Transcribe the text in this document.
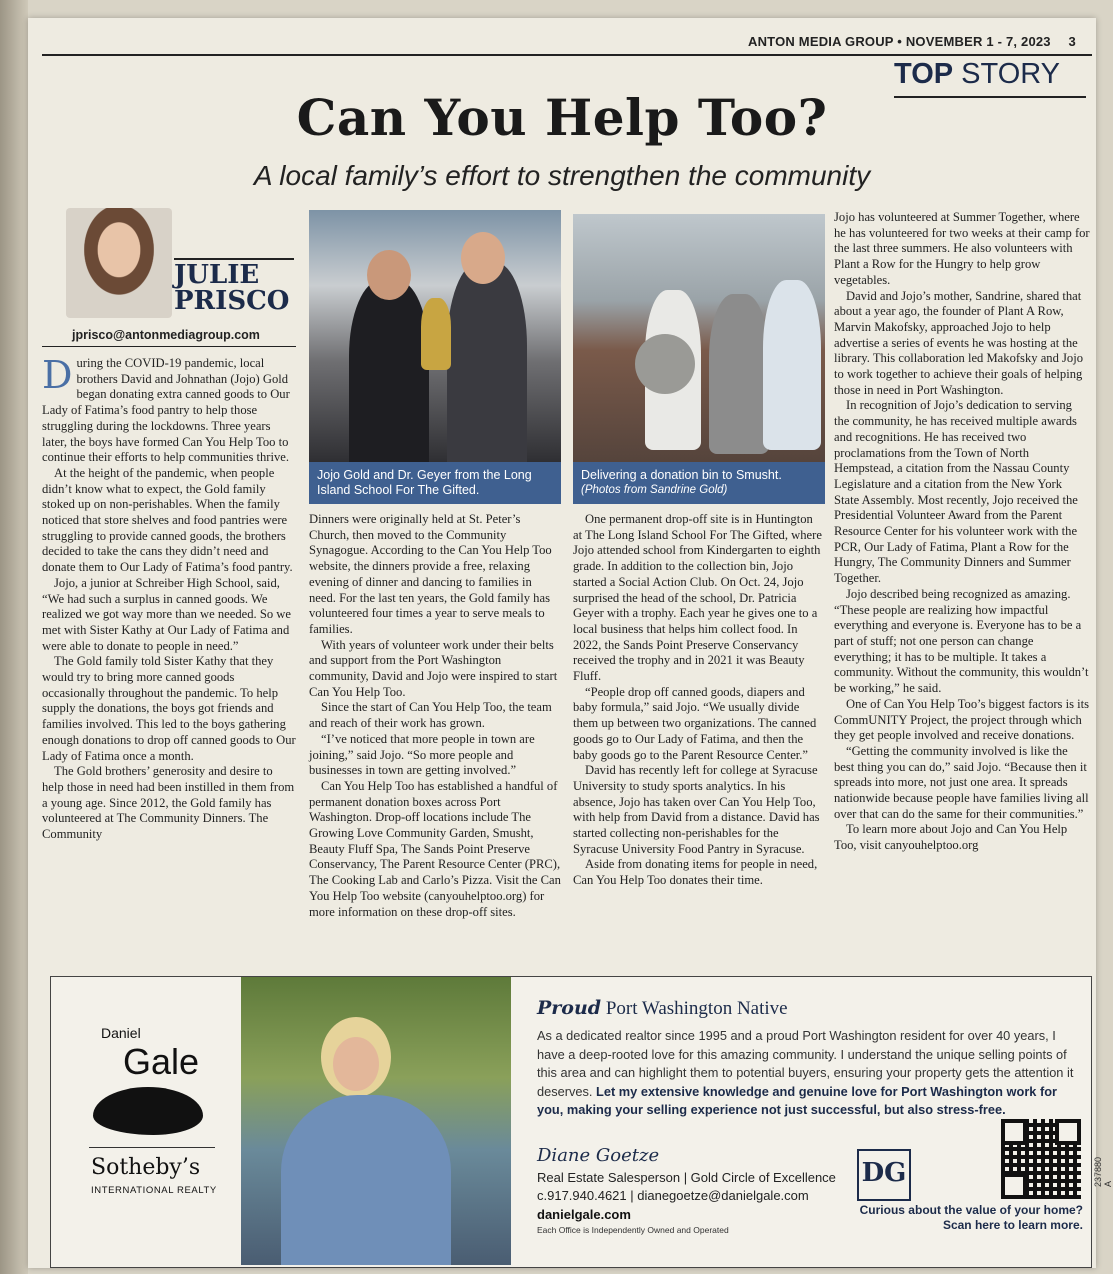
ANTON MEDIA GROUP • NOVEMBER 1 - 7, 2023 3
TOP STORY
Can You Help Too?
A local family’s effort to strengthen the community
JULIE
PRISCO
jprisco@antonmediagroup.com

During the COVID-19 pandemic, local brothers David and Johnathan (Jojo) Gold began donating extra canned goods to Our Lady of Fatima’s food pantry to help those struggling during the lockdowns. Three years later, the boys have formed Can You Help Too to continue their efforts to help communities thrive.

At the height of the pandemic, when people didn’t know what to expect, the Gold family stoked up on non-perishables. When the family noticed that store shelves and food pantries were struggling to provide canned goods, the brothers decided to take the cans they didn’t need and donate them to Our Lady of Fatima’s food pantry.

Jojo, a junior at Schreiber High School, said, “We had such a surplus in canned goods. We realized we got way more than we needed. So we met with Sister Kathy at Our Lady of Fatima and were able to donate to people in need.”

The Gold family told Sister Kathy that they would try to bring more canned goods occasionally throughout the pandemic. To help supply the donations, the boys got friends and families involved. This led to the boys gathering enough donations to drop off canned goods to Our Lady of Fatima once a month.

The Gold brothers’ generosity and desire to help those in need had been instilled in them from a young age. Since 2012, the Gold family has volunteered at The Community Dinners. The Community

Jojo Gold and Dr. Geyer from the Long Island School For The Gifted.
Delivering a donation bin to Smusht.
(Photos from Sandrine Gold)

Dinners were originally held at St. Peter’s Church, then moved to the Community Synagogue. According to the Can You Help Too website, the dinners provide a free, relaxing evening of dinner and dancing to families in need. For the last ten years, the Gold family has volunteered four times a year to serve meals to families.

With years of volunteer work under their belts and support from the Port Washington community, David and Jojo were inspired to start Can You Help Too.

Since the start of Can You Help Too, the team and reach of their work has grown.

“I’ve noticed that more people in town are joining,” said Jojo. “So more people and businesses in town are getting involved.”

Can You Help Too has established a handful of permanent donation boxes across Port Washington. Drop-off locations include The Growing Love Community Garden, Smusht, Beauty Fluff Spa, The Sands Point Preserve Conservancy, The Parent Resource Center (PRC), The Cooking Lab and Carlo’s Pizza. Visit the Can You Help Too website (canyouhelptoo.org) for more information on these drop-off sites.

One permanent drop-off site is in Huntington at The Long Island School For The Gifted, where Jojo attended school from Kindergarten to eighth grade. In addition to the collection bin, Jojo started a Social Action Club. On Oct. 24, Jojo surprised the head of the school, Dr. Patricia Geyer with a trophy. Each year he gives one to a local business that helps him collect food. In 2022, the Sands Point Preserve Conservancy received the trophy and in 2021 it was Beauty Fluff.

“People drop off canned goods, diapers and baby formula,” said Jojo. “We usually divide them up between two organizations. The canned goods go to Our Lady of Fatima, and then the baby goods go to the Parent Resource Center.”

David has recently left for college at Syracuse University to study sports analytics. In his absence, Jojo has taken over Can You Help Too, with help from David from a distance. David has started collecting non-perishables for the Syracuse University Food Pantry in Syracuse.

Aside from donating items for people in need, Can You Help Too donates their time.

Jojo has volunteered at Summer Together, where he has volunteered for two weeks at their camp for the last three summers. He also volunteers with Plant a Row for the Hungry to help grow vegetables.

David and Jojo’s mother, Sandrine, shared that about a year ago, the founder of Plant A Row, Marvin Makofsky, approached Jojo to help advertise a series of events he was hosting at the library. This collaboration led Makofsky and Jojo to work together to achieve their goals of helping those in need in Port Washington.

In recognition of Jojo’s dedication to serving the community, he has received multiple awards and recognitions. He has received two proclamations from the Town of North Hempstead, a citation from the Nassau County Legislature and a citation from the New York State Assembly. Most recently, Jojo received the Presidential Volunteer Award from the Parent Resource Center for his volunteer work with the PCR, Our Lady of Fatima, Plant a Row for the Hungry, The Community Dinners and Summer Together.

Jojo described being recognized as amazing. “These people are realizing how impactful everything and everyone is. Everyone has to be a part of stuff; not one person can change everything; it has to be multiple. It takes a community. Without the community, this wouldn’t be working,” he said.

One of Can You Help Too’s biggest factors is its CommUNITY Project, the project through which they get people involved and receive donations.

“Getting the community involved is like the best thing you can do,” said Jojo. “Because then it spreads into more, not just one area. It spreads nationwide because people have families living all over that can do the same for their communities.”

To learn more about Jojo and Can You Help Too, visit canyouhelptoo.org

Daniel
Gale
Sotheby’s
INTERNATIONAL REALTY
Proud Port Washington Native
As a dedicated realtor since 1995 and a proud Port Washington resident for over 40 years, I have a deep-rooted love for this amazing community. I understand the unique selling points of this area and can highlight them to potential buyers, ensuring your property gets the attention it deserves. Let my extensive knowledge and genuine love for Port Washington work for you, making your selling experience not just successful, but also stress-free.
Diane Goetze
Real Estate Salesperson | Gold Circle of Excellence
c.917.940.4621 | dianegoetze@danielgale.com
DG
Curious about the value of your home?
Scan here to learn more.
danielgale.com
Each Office is Independently Owned and Operated
237880 A
